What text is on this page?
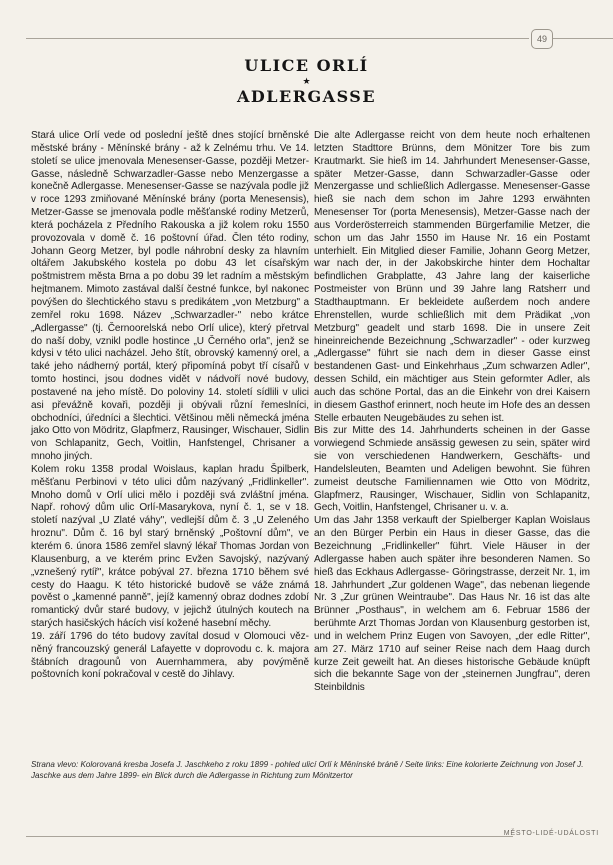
49
ULICE ORLÍ
★
ADLERGASSE

Stará ulice Orlí vede od poslední ještě dnes stojící brněnské městské brány - Měnínské brány - až k Zelnému trhu. Ve 14. století se ulice jmenovala Menesenser-Gasse, později Metzer-Gasse, následně Schwarzadler-Gasse nebo Menzergasse a konečně Adlergasse. Menesenser-Gasse se nazývala podle již v roce 1293 zmiňované Měnínské brány (porta Menesensis), Metzer-Gasse se jmenovala podle měšťanské rodiny Metzerů, která pocházela z Předního Rakouska a již kolem roku 1550 provozovala v domě č. 16 poštovní úřad. Člen této rodiny, Johann Georg Metzer, byl podle náhrobní desky za hlavním oltářem Jakubského kostela po dobu 43 let císařským poštmistrem města Brna a po dobu 39 let radním a městským hejtmanem. Mimoto zastával další čestné funkce, byl nakonec povýšen do šlechtického stavu s predikátem „von Metzburg" a zemřel roku 1698. Název „Schwarzadler-" nebo krátce „Adlergasse" (tj. Černoorelská nebo Orlí ulice), který přetrval do naší doby, vznikl podle hostince „U Černého orla", jenž se kdysi v této ulici nacházel. Jeho štít, obrovský kamenný orel, a také jeho nádherný portál, který připomíná pobyt tří císařů v tomto hostinci, jsou dodnes vidět v nádvoří nové budovy, postavené na jeho místě. Do poloviny 14. století sídlili v ulici asi převážně kovaři, později ji obývali různí řemeslníci, obchodníci, úředníci a šlechtici. Většinou měli německá jména jako Otto von Mödritz, Glapfmerz, Rausinger, Wischauer, Sidlin von Schlapanitz, Gech, Voitlin, Hanfstengel, Chrisaner a mnoho jiných.

Kolem roku 1358 prodal Woislaus, kaplan hradu Špilberk, měšťanu Perbinovi v této ulici dům nazývaný „Fridlinkeller". Mnoho domů v Orlí ulici mělo i později svá zvláštní jména. Např. rohový dům ulic Orlí-Masarykova, nyní č. 1, se v 18. století nazýval „U Zlaté váhy", vedlejší dům č. 3 „U Zeleného hroznu". Dům č. 16 byl starý brněnský „Poštovní dům", ve kterém 6. února 1586 zemřel slavný lékař Thomas Jordan von Klausenburg, a ve kterém princ Evžen Savojský, nazývaný „vznešený rytíř", krátce pobýval 27. března 1710 během své cesty do Haagu. K této historické budově se váže známá pověst o „kamenné panně", jejíž kamenný obraz dodnes zdobí romantický dvůr staré budovy, v jejichž útulných koutech na starých hasičských hácích visí kožené hasební měchy.

19. září 1796 do této budovy zavítal dosud v Olomouci vězněný francouzský generál Lafayette v doprovodu c. k. majora štábních dragounů von Auernhammera, aby povýměně poštovních koní pokračoval v cestě do Jihlavy.

Die alte Adlergasse reicht von dem heute noch erhaltenen letzten Stadttore Brünns, dem Mönitzer Tore bis zum Krautmarkt. Sie hieß im 14. Jahrhundert Menesenser-Gasse, später Metzer-Gasse, dann Schwarzadler-Gasse oder Menzergasse und schließlich Adlergasse. Menesenser-Gasse hieß sie nach dem schon im Jahre 1293 erwähnten Menesenser Tor (porta Menesensis), Metzer-Gasse nach der aus Vorderösterreich stammenden Bürgerfamilie Metzer, die schon um das Jahr 1550 im Hause Nr. 16 ein Postamt unterhielt. Ein Mitglied dieser Familie, Johann Georg Metzer, war nach der, in der Jakobskirche hinter dem Hochaltar befindlichen Grabplatte, 43 Jahre lang der kaiserliche Postmeister von Brünn und 39 Jahre lang Ratsherr und Stadthauptmann. Er bekleidete außerdem noch andere Ehrenstellen, wurde schließlich mit dem Prädikat „von Metzburg" geadelt und starb 1698. Die in unsere Zeit hineinreichende Bezeichnung „Schwarzadler" - oder kurzweg „Adlergasse" führt sie nach dem in dieser Gasse einst bestandenen Gast- und Einkehrhaus „Zum schwarzen Adler", dessen Schild, ein mächtiger aus Stein geformter Adler, als auch das schöne Portal, das an die Einkehr von drei Kaisern in diesem Gasthof erinnert, noch heute im Hofe des an dessen Stelle erbauten Neugebäudes zu sehen ist.

Bis zur Mitte des 14. Jahrhunderts scheinen in der Gasse vorwiegend Schmiede ansässig gewesen zu sein, später wird sie von verschiedenen Handwerkern, Geschäfts- und Handelsleuten, Beamten und Adeligen bewohnt. Sie führen zumeist deutsche Familiennamen wie Otto von Mödritz, Glapfmerz, Rausinger, Wischauer, Sidlin von Schlapanitz, Gech, Voitlin, Hanfstengel, Chrisaner u. v. a.

Um das Jahr 1358 verkauft der Spielberger Kaplan Woislaus an den Bürger Perbin ein Haus in dieser Gasse, das die Bezeichnung „Fridlinkeller" führt. Viele Häuser in der Adlergasse haben auch später ihre besonderen Namen. So hieß das Eckhaus Adlergasse- Göringstrasse, derzeit Nr. 1, im 18. Jahrhundert „Zur goldenen Wage", das nebenan liegende Nr. 3 „Zur grünen Weintraube". Das Haus Nr. 16 ist das alte Brünner „Posthaus", in welchem am 6. Februar 1586 der berühmte Arzt Thomas Jordan von Klausenburg gestorben ist, und in welchem Prinz Eugen von Savoyen, „der edle Ritter", am 27. März 1710 auf seiner Reise nach dem Haag durch kurze Zeit geweilt hat. An dieses historische Gebäude knüpft sich die bekannte Sage von der „steinernen Jungfrau", deren Steinbildnis

Strana vlevo: Kolorovaná kresba Josefa J. Jaschkeho z roku 1899 - pohled ulicí Orlí k Měnínské bráně / Seite links: Eine kolorierte Zeichnung von Josef J. Jaschke aus dem Jahre 1899- ein Blick durch die Adlergasse in Richtung zum Mönitzertor
MĚSTO-LIDÉ-UDÁLOSTI
